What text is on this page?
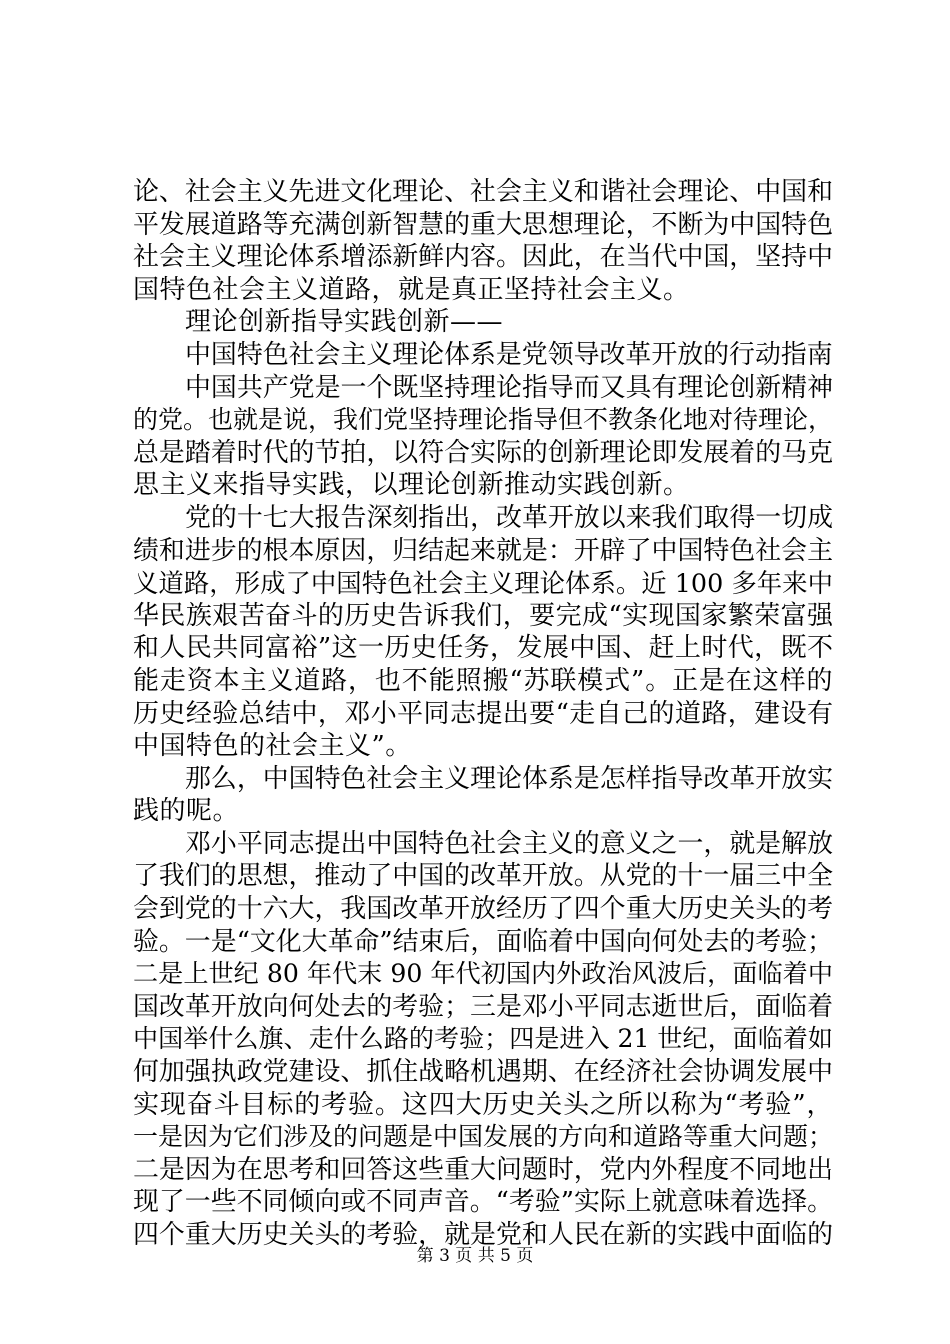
论、社会主义先进文化理论、社会主义和谐社会理论、中国和

平发展道路等充满创新智慧的重大思想理论，不断为中国特色

社会主义理论体系增添新鲜内容。因此，在当代中国，坚持中

国特色社会主义道路，就是真正坚持社会主义。

理论创新指导实践创新——

中国特色社会主义理论体系是党领导改革开放的行动指南

中国共产党是一个既坚持理论指导而又具有理论创新精神

的党。也就是说，我们党坚持理论指导但不教条化地对待理论，

总是踏着时代的节拍，以符合实际的创新理论即发展着的马克

思主义来指导实践，以理论创新推动实践创新。

党的十七大报告深刻指出，改革开放以来我们取得一切成

绩和进步的根本原因，归结起来就是：开辟了中国特色社会主

义道路，形成了中国特色社会主义理论体系。近 100 多年来中

华民族艰苦奋斗的历史告诉我们，要完成“实现国家繁荣富强

和人民共同富裕”这一历史任务，发展中国、赶上时代，既不

能走资本主义道路，也不能照搬“苏联模式”。正是在这样的

历史经验总结中，邓小平同志提出要“走自己的道路，建设有

中国特色的社会主义”。

那么，中国特色社会主义理论体系是怎样指导改革开放实

践的呢。

邓小平同志提出中国特色社会主义的意义之一，就是解放

了我们的思想，推动了中国的改革开放。从党的十一届三中全

会到党的十六大，我国改革开放经历了四个重大历史关头的考

验。一是“文化大革命”结束后，面临着中国向何处去的考验；

二是上世纪 80 年代末 90 年代初国内外政治风波后，面临着中

国改革开放向何处去的考验；三是邓小平同志逝世后，面临着

中国举什么旗、走什么路的考验；四是进入 21 世纪，面临着如

何加强执政党建设、抓住战略机遇期、在经济社会协调发展中

实现奋斗目标的考验。这四大历史关头之所以称为“考验”，

一是因为它们涉及的问题是中国发展的方向和道路等重大问题；

二是因为在思考和回答这些重大问题时，党内外程度不同地出

现了一些不同倾向或不同声音。“考验”实际上就意味着选择。

四个重大历史关头的考验，就是党和人民在新的实践中面临的

第 3 页 共 5 页
